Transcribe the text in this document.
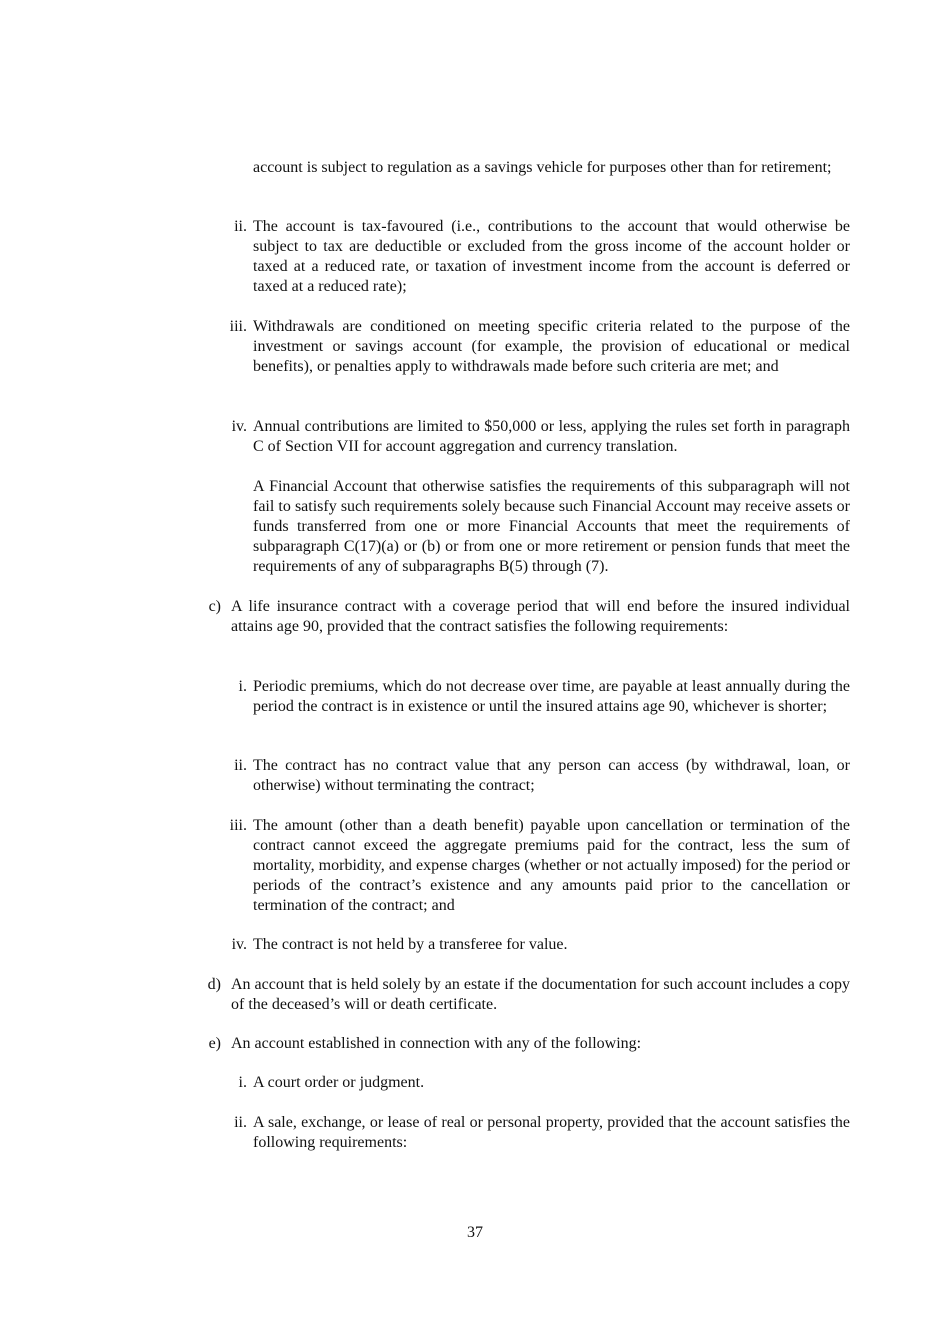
account is subject to regulation as a savings vehicle for purposes other than for retirement;
ii. The account is tax-favoured (i.e., contributions to the account that would otherwise be subject to tax are deductible or excluded from the gross income of the account holder or taxed at a reduced rate, or taxation of investment income from the account is deferred or taxed at a reduced rate);
iii. Withdrawals are conditioned on meeting specific criteria related to the purpose of the investment or savings account (for example, the provision of educational or medical benefits), or penalties apply to withdrawals made before such criteria are met; and
iv. Annual contributions are limited to $50,000 or less, applying the rules set forth in paragraph C of Section VII for account aggregation and currency translation.
A Financial Account that otherwise satisfies the requirements of this subparagraph will not fail to satisfy such requirements solely because such Financial Account may receive assets or funds transferred from one or more Financial Accounts that meet the requirements of subparagraph C(17)(a) or (b) or from one or more retirement or pension funds that meet the requirements of any of subparagraphs B(5) through (7).
c) A life insurance contract with a coverage period that will end before the insured individual attains age 90, provided that the contract satisfies the following requirements:
i. Periodic premiums, which do not decrease over time, are payable at least annually during the period the contract is in existence or until the insured attains age 90, whichever is shorter;
ii. The contract has no contract value that any person can access (by withdrawal, loan, or otherwise) without terminating the contract;
iii. The amount (other than a death benefit) payable upon cancellation or termination of the contract cannot exceed the aggregate premiums paid for the contract, less the sum of mortality, morbidity, and expense charges (whether or not actually imposed) for the period or periods of the contract’s existence and any amounts paid prior to the cancellation or termination of the contract; and
iv. The contract is not held by a transferee for value.
d) An account that is held solely by an estate if the documentation for such account includes a copy of the deceased’s will or death certificate.
e) An account established in connection with any of the following:
i. A court order or judgment.
ii. A sale, exchange, or lease of real or personal property, provided that the account satisfies the following requirements:
37
